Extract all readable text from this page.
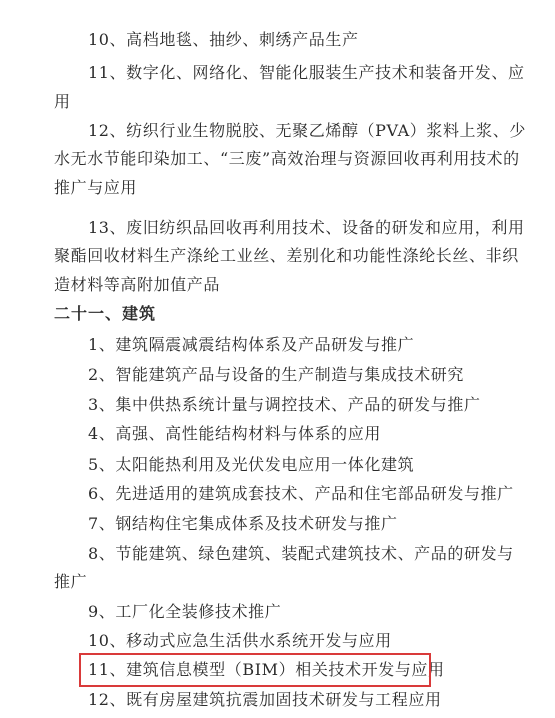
10、高档地毯、抽纱、刺绣产品生产
11、数字化、网络化、智能化服装生产技术和装备开发、应
用
12、纺织行业生物脱胶、无聚乙烯醇（PVA）浆料上浆、少
水无水节能印染加工、“三废”高效治理与资源回收再利用技术的
推广与应用
13、废旧纺织品回收再利用技术、设备的研发和应用，利用
聚酯回收材料生产涤纶工业丝、差别化和功能性涤纶长丝、非织
造材料等高附加值产品
二十一、建筑
1、建筑隔震减震结构体系及产品研发与推广
2、智能建筑产品与设备的生产制造与集成技术研究
3、集中供热系统计量与调控技术、产品的研发与推广
4、高强、高性能结构材料与体系的应用
5、太阳能热利用及光伏发电应用一体化建筑
6、先进适用的建筑成套技术、产品和住宅部品研发与推广
7、钢结构住宅集成体系及技术研发与推广
8、节能建筑、绿色建筑、装配式建筑技术、产品的研发与
推广
9、工厂化全装修技术推广
10、移动式应急生活供水系统开发与应用
11、建筑信息模型（BIM）相关技术开发与应用
12、既有房屋建筑抗震加固技术研发与工程应用
